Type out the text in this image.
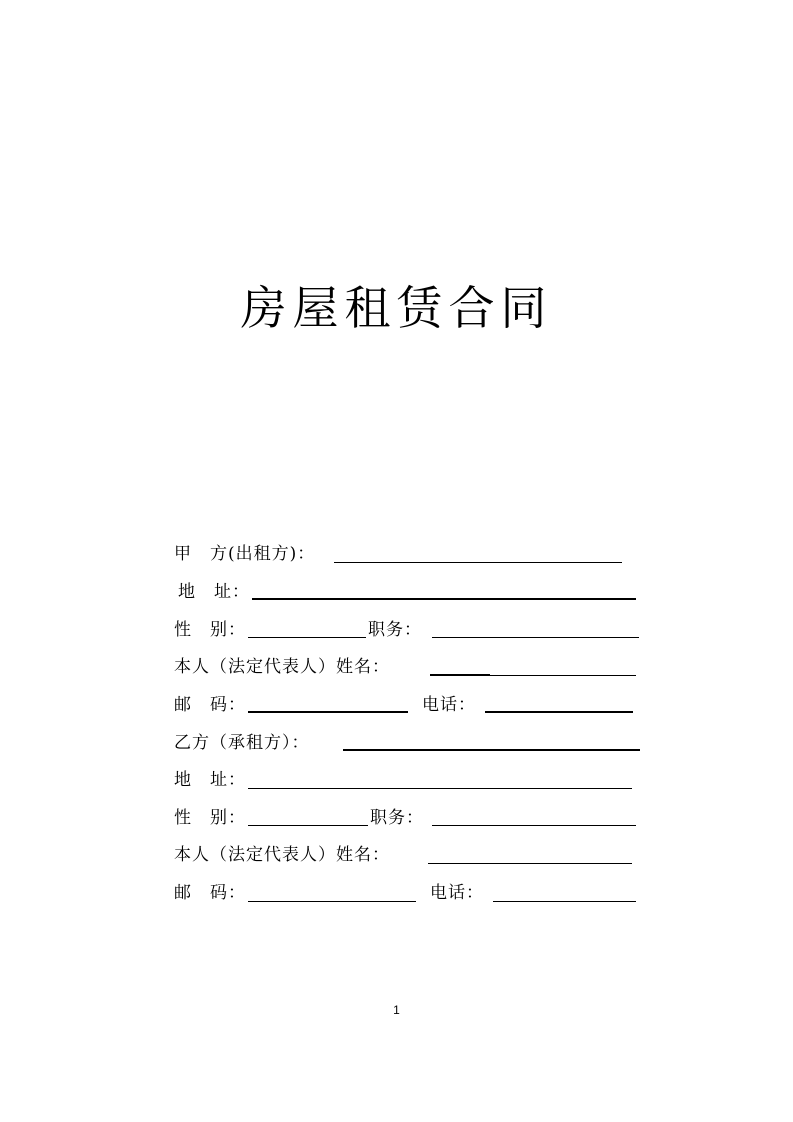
房屋租赁合同
甲　方(出租方)：
地　址：
性　别：	职务：
本人（法定代表人）姓名：
邮　码：	电话：
乙方（承租方）：
地　址：
性　别：	职务：
本人（法定代表人）姓名：
邮　码：	电话：
1
